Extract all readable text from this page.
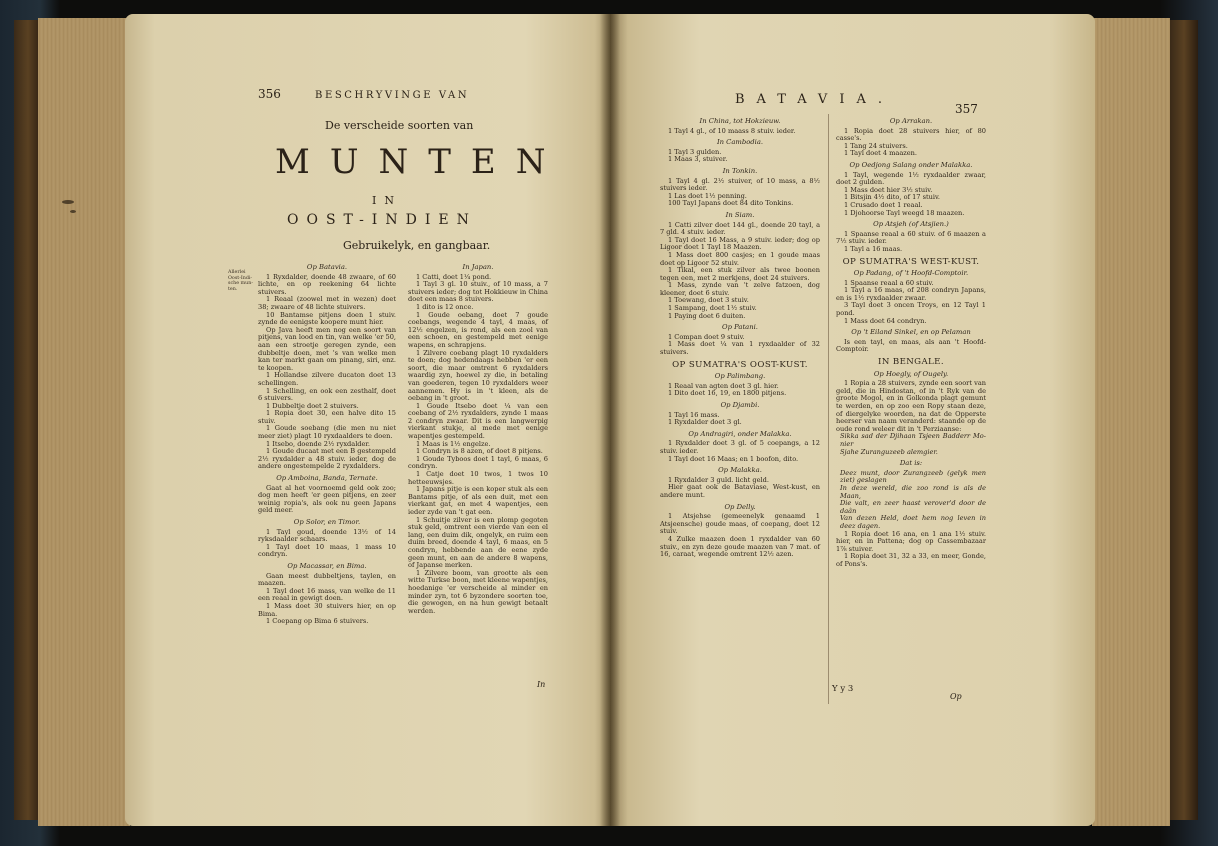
356	BESCHRYVINGE VAN
De verscheide soorten van
MUNTEN
IN
OOST-INDIEN
Gebruikelyk, en gangbaar.
Allerlei Oost-Indi-sche mun-ten.

Op Batavia.

1 Ryxdalder, doende 48 zwaare, of 60 lichte, en op reekening 64 lichte stuivers.

1 Reaal (zoowel met in wezen) doet 38; zwaare of 48 lichte stuivers.

10 Bantamse pitjens doen 1 stuiv. zynde de eenigste koopere munt hier.

Op Java heeft men nog een soort van pitjens, van lood en tin, van welke 'er 50, aan een stroetje geregen zynde, een dubbeltje doen, met 's van welke men kan ter markt gaan om pinang, siri, enz. te koopen.

1 Hollandse zilvere ducaton doet 13 schellingen.

1 Schelling, en ook een zesthalf, doet 6 stuivers.

1 Dubbeltje doet 2 stuivers.

1 Ropia doet 30, een halve dito 15 stuiv.

1 Goude soebang (die men nu niet meer ziet) plagt 10 ryxdaalders te doen.

1 Itsebo, doende 2½ ryxdalder.

1 Goude ducaat met een B gestempeld 2½ ryxdalder a 48 stuiv. ieder, dog de andere ongestempelde 2 ryxdalders.

Op Amboina, Banda, Ternate.

Gaat al het voornoemd geld ook zoo; dog men heeft 'er geen pitjens, en zeer weinig ropia's, als ook nu geen Japans geld meer.

Op Solor, en Timor.

1 Tayl goud, doende 13½ of 14 ryksdaalder schaars.

1 Tayl doet 10 maas, 1 mass 10 condryn.

Op Macassar, en Bima.

Gaan meest dubbeltjens, taylen, en maazen.

1 Tayl doet 16 mass, van welke de 11 een reaal in gewigt doen.

1 Mass doet 30 stuivers hier, en op Bima.

1 Coepang op Bima 6 stuivers.

In Japan.

1 Catti, doet 1¼ pond.

1 Tayl 3 gl. 10 stuiv., of 10 mass, a 7 stuivers ieder; dog tot Hokkieuw in China doet een maas 8 stuivers.

1 dito is 12 once.

1 Goude oebang, doet 7 goude coebangs, wegende 4 tayl, 4 maas, of 12½ engelzen, is rond, als een zool van een schoen, en gestempeld met eenige wapens, en schrapjens.

1 Zilvere coebang plagt 10 ryxdalders te doen; dog hedendaags hebben 'er een soort, die maar omtrent 6 ryxdalders waardig zyn, hoewel zy die, in betaling van goederen, tegen 10 ryxdalders weer aannemen. Hy is in 't kleen, als de oebang in 't groot.

1 Goude Itsebo doet ¼ van een coebang of 2½ ryxdalders, zynde 1 maas 2 condryn zwaar. Dit is een langwerpig vierkant stukje, al mede met eenige wapentjes gestempeld.

1 Maas is 1½ engelze.

1 Condryn is 8 azen, of doet 8 pitjens.

1 Goude Tyboos doet 1 tayl, 6 maas, 6 condryn.

1 Catje doet 10 twos, 1 twos 10 hetteeuwsjes.

1 Japans pitje is een koper stuk als een Bantams pitje, of als een duit, met een vierkant gat, en met 4 wapentjes, een ieder zyde van 't gat een.

1 Schuitje zilver is een plomp gegoten stuk geld, omtrent een vierde van een el lang, een duim dik, ongelyk, en ruim een duim breed, doende 4 tayl, 6 maas, en 5 condryn, hebbende aan de eene zyde geen munt, en aan de andere 8 wapens, of Japanse merken.

1 Zilvere boom, van grootte als een witte Turkse boon, met kleene wapentjes, hoedanige 'er verscheide al minder en minder zyn, tot 6 byzondere soorten toe, die gewogen, en na hun gewigt betaalt werden.

In
BATAVIA.
357

In China, tot Hokzieuw.

1 Tayl 4 gl., of 10 maass 8 stuiv. ieder.

In Cambodia.

1 Tayl 3 gulden.

1 Maas 3, stuiver.

In Tonkin.

1 Tayl 4 gl. 2½ stuiver, of 10 mass, a 8½ stuivers ieder.

1 Las doet 1½ penning.

100 Tayl Japans doet 84 dito Tonkins.

In Siam.

1 Catti zilver doet 144 gl., doende 20 tayl, a 7 gld. 4 stuiv. ieder.

1 Tayl doet 16 Mass, a 9 stuiv. ieder; dog op Ligoor doet 1 Tayl 18 Maazen.

1 Mass doet 800 casjes; en 1 goude maas doet op Ligoor 52 stuiv.

1 Tikal, een stuk zilver als twee boonen tegen een, met 2 merkjens, doet 24 stuivers.

1 Mass, zynde van 't zelve fatzoen, dog kleener, doet 6 stuiv.

1 Toewang, doet 3 stuiv.

1 Sampang, doet 1½ stuiv.

1 Paying doet 6 duiten.

Op Patani.

1 Compan doet 9 stuiv.

1 Mass doet ¼ van 1 ryxdaalder of 32 stuivers.

OP SUMATRA'S OOST-KUST.

Op Palimbang.

1 Reaal van agten doet 3 gl. hier.

1 Dito doet 16, 19, en 1800 pitjens.

Op Djambi.

1 Tayl 16 mass.

1 Ryxdalder doet 3 gl.

Op Andragiri, onder Malakka.

1 Ryxdalder doet 3 gl. of 5 coepangs, a 12 stuiv. ieder.

1 Tayl doet 16 Maas; en 1 boofon, dito.

Op Malakka.

1 Ryxdalder 3 guld. licht geld.

Hier gaat ook de Bataviase, West-kust, en andere munt.

Op Delly.

1 Atsjehse (gemeenelyk genaamd 1 Atsjeensche) goude maas, of coepang, doet 12 stuiv.

4 Zulke maazen doen 1 ryxdalder van 60 stuiv., en zyn deze goude maazen van 7 mat. of 16, caraat, wegende omtrent 12½ azen.

Op Arrakan.

1 Ropia doet 28 stuivers hier, of 80 casse's.

1 Tang 24 stuivers.

1 Tayl doet 4 maazen.

Op Oedjong Salang onder Malakka.

1 Tayl, wegende 1½ ryxdaalder zwaar, doet 2 gulden.

1 Mass doet hier 3½ stuiv.

1 Bitsjin 4½ dito, of 17 stuiv.

1 Crusado doet 1 reaal.

1 Djohoorse Tayl weegd 18 maazen.

Op Atsjeh (of Atsjien.)

1 Spaanse reaal a 60 stuiv. of 6 maazen a 7½ stuiv. ieder.

1 Tayl a 16 maas.

OP SUMATRA'S WEST-KUST.

Op Padang, of 't Hoofd-Comptoir.

1 Spaanse reaal a 60 stuiv.

1 Tayl a 16 maas, of 208 condryn Japans, en is 1½ ryxdaalder zwaar.

3 Tayl doet 3 oncen Troys, en 12 Tayl 1 pond.

1 Mass doet 64 condryn.

Op 't Eiland Sinkel, en op Pelaman

Is een tayl, en maas, als aan 't Hoofd-Comptoir.

IN BENGALE.

Op Hoegly, of Ougely.

1 Ropia a 28 stuivers, zynde een soort van geld, die in Hindostan, of in 't Ryk van de groote Mogol, en in Golkonda plagt gemunt te werden, en op zoo een Ropy staan deze, of diergelyke woorden, na dat de Opperste heerser van naam veranderd: staande op de oude rond weleer dit in 't Perziaanse:

Sikka sad der Djihaan Tsjeen Badderr Mo-nier

Sjahe Zuranguzeeb alemgier.

Dat is:

Deez munt, door Zurangzeeb (gelyk men ziet) geslagen

In deze wereld, die zoo rond is als de Maan,

Die valt, en zeer haast verover'd door de daân

Van dezen Held, doet hem nog leven in deez dagen.

1 Ropia doet 16 ana, en 1 ana 1½ stuiv. hier, en in Pattena; dog op Cassembazaar 1⅞ stuiver.

1 Ropia doet 31, 32 a 33, en meer, Gonde, of Pons's.

Y y 3
Op
